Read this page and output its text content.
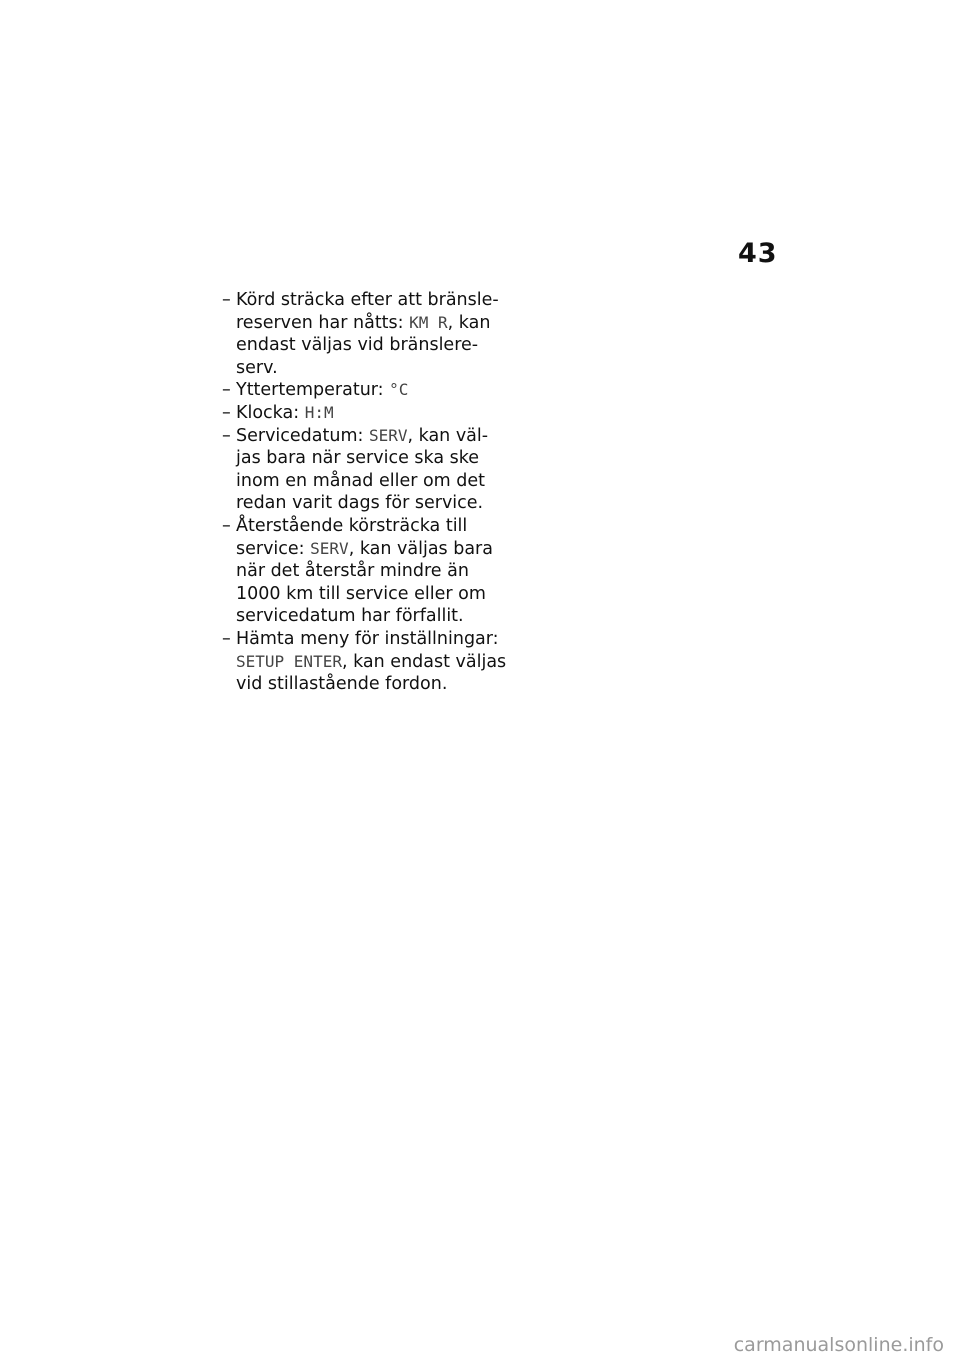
43
– Körd sträcka efter att bränsle-reserven har nåtts: KM R, kan endast väljas vid bränslere-serv.
– Yttertemperatur: °C
– Klocka: H:M
– Servicedatum: SERV, kan väl-jas bara när service ska ske inom en månad eller om det redan varit dags för service.
– Återstående körsträcka till service: SERV, kan väljas bara när det återstår mindre än 1000 km till service eller om servicedatum har förfallit.
– Hämta meny för inställningar: SETUP ENTER, kan endast väljas vid stillastående fordon.
carmanualsonline.info
